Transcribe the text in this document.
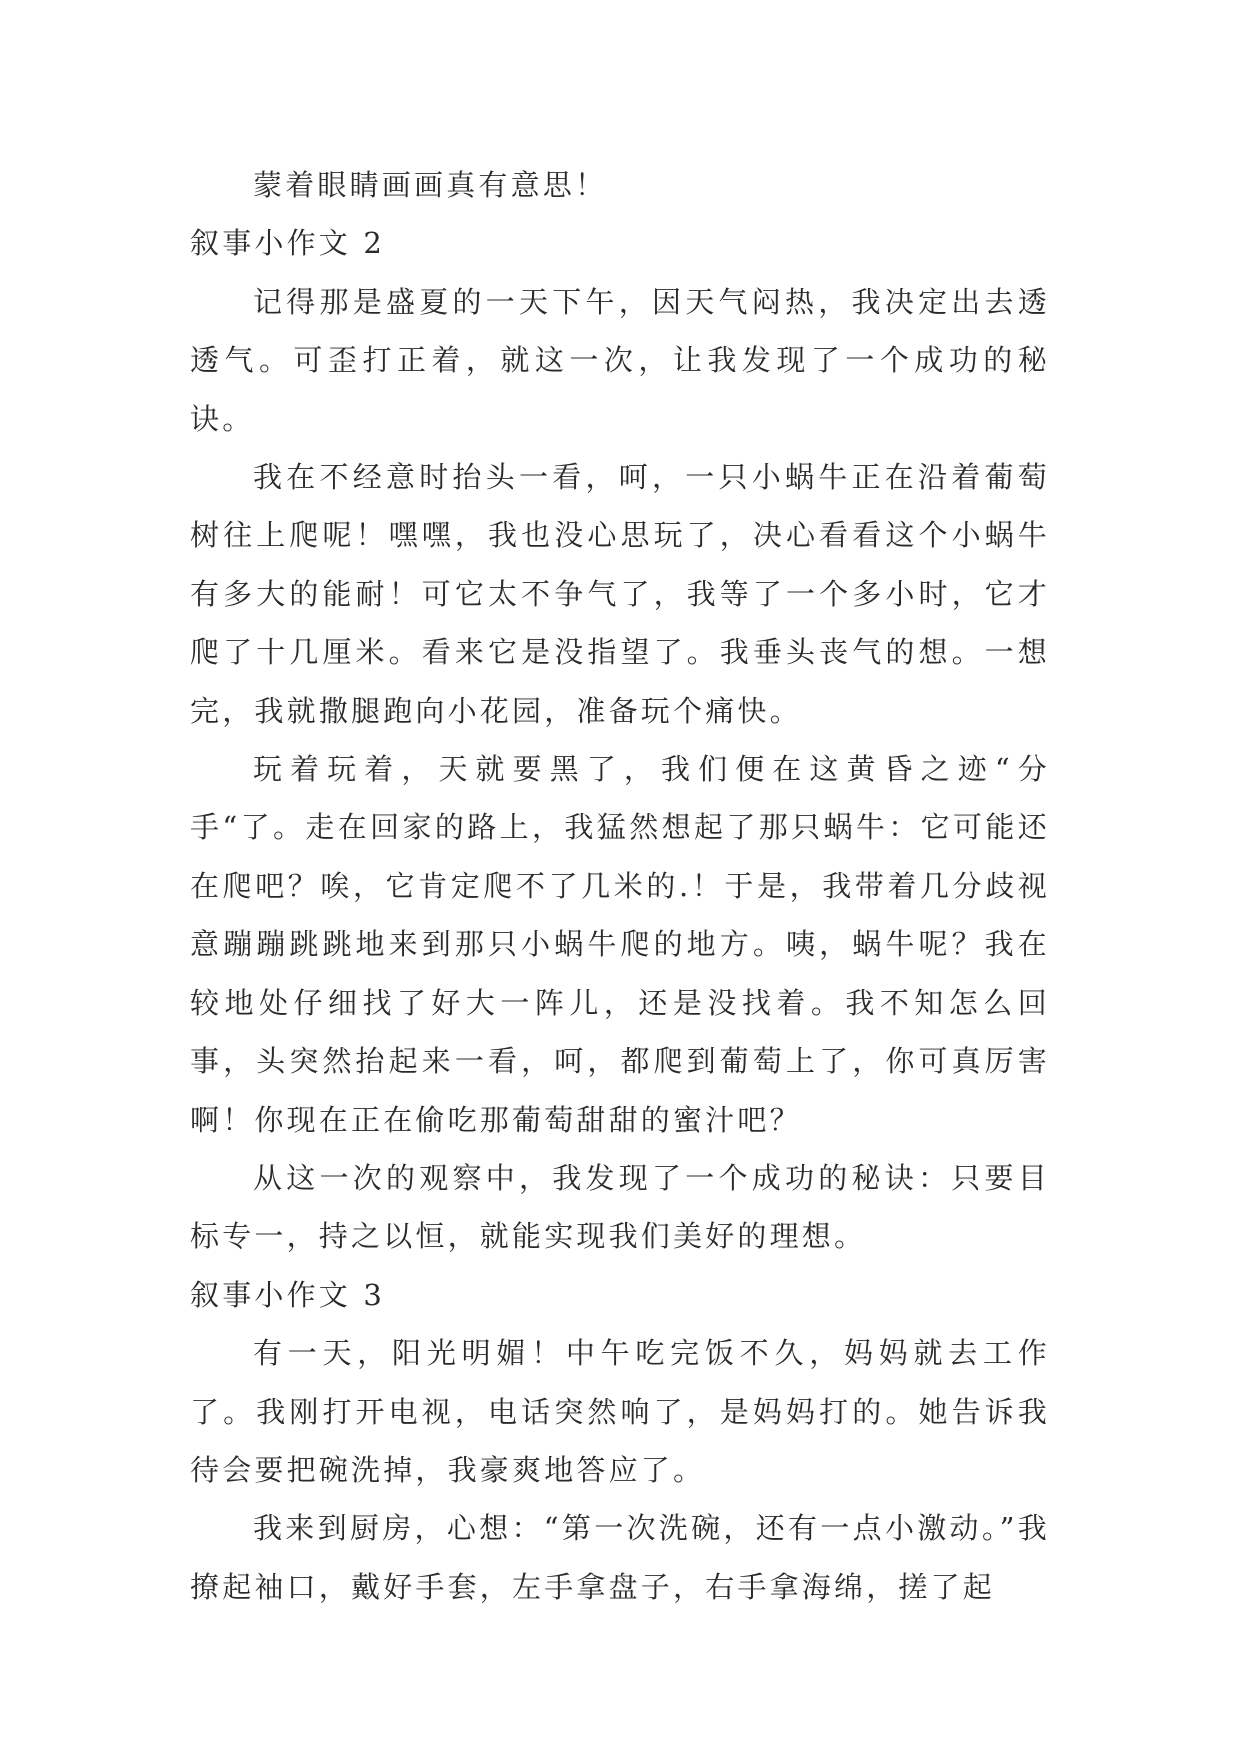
蒙着眼睛画画真有意思！

叙事小作文 2

记得那是盛夏的一天下午，因天气闷热，我决定出去透透气。可歪打正着，就这一次，让我发现了一个成功的秘诀。

我在不经意时抬头一看，呵，一只小蜗牛正在沿着葡萄树往上爬呢！嘿嘿，我也没心思玩了，决心看看这个小蜗牛有多大的能耐！可它太不争气了，我等了一个多小时，它才爬了十几厘米。看来它是没指望了。我垂头丧气的想。一想完，我就撒腿跑向小花园，准备玩个痛快。

玩着玩着，天就要黑了，我们便在这黄昏之迹“分手“了。走在回家的路上，我猛然想起了那只蜗牛：它可能还在爬吧？唉，它肯定爬不了几米的.！于是，我带着几分歧视意蹦蹦跳跳地来到那只小蜗牛爬的地方。咦，蜗牛呢？我在较地处仔细找了好大一阵儿，还是没找着。我不知怎么回事，头突然抬起来一看，呵，都爬到葡萄上了，你可真厉害啊！你现在正在偷吃那葡萄甜甜的蜜汁吧？

从这一次的观察中，我发现了一个成功的秘诀：只要目标专一，持之以恒，就能实现我们美好的理想。

叙事小作文 3

有一天，阳光明媚！中午吃完饭不久，妈妈就去工作了。我刚打开电视，电话突然响了，是妈妈打的。她告诉我待会要把碗洗掉，我豪爽地答应了。

我来到厨房，心想：“第一次洗碗，还有一点小激动。”我撩起袖口，戴好手套，左手拿盘子，右手拿海绵，搓了起
